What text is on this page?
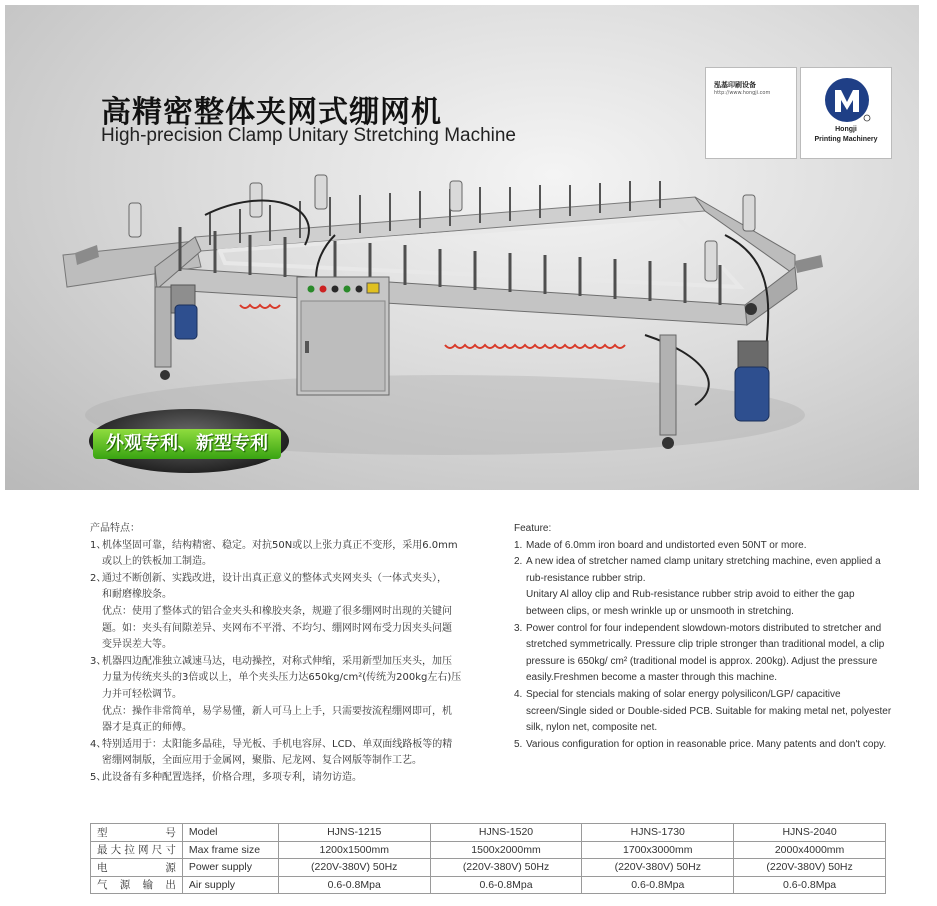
高精密整体夹网式绷网机
High-precision Clamp Unitary Stretching Machine
泓基印刷设备
http://www.hongji.com
Hongji
Printing Machinery
外观专利、新型专利

产品特点：

1、机体坚固可靠，结构精密、稳定。对抗50N或以上张力真正不变形，采用6.0mm

或以上的铁板加工制造。

2、通过不断创新、实践改进，设计出真正意义的整体式夹网夹头（一体式夹头），

和耐磨橡胶条。

优点：使用了整体式的铝合金夹头和橡胶夹条，规避了很多绷网时出现的关键问

题。如：夹头有间隙差异、夹网布不平滑、不均匀、绷网时网布受力因夹头问题

变异误差大等。

3、机器四边配准独立减速马达，电动操控，对称式伸缩，采用新型加压夹头，加压

力量为传统夹头的3倍或以上，单个夹头压力达650kg/cm²(传统为200kg左右)压

力并可轻松调节。

优点：操作非常简单，易学易懂，新人可马上上手，只需要按流程绷网即可，机

器才是真正的师傅。

4、特别适用于：太阳能多晶硅，导光板、手机电容屏、LCD、单双面线路板等的精

密绷网制版，全面应用于金属网，聚脂、尼龙网、复合网版等制作工艺。

5、此设备有多种配置选择，价格合理，多项专利，请勿访造。

Feature:

1. Made of 6.0mm iron board and undistorted even 50NT or more.

2. A new idea of stretcher named clamp unitary stretching machine, even applied a

rub-resistance rubber strip.

Unitary Al alloy clip and Rub-resistance rubber strip avoid to either the gap

between clips, or mesh wrinkle up or unsmooth in stretching.

3. Power control for four independent slowdown-motors distributed to stretcher and

stretched symmetrically. Pressure clip triple stronger than traditional model, a clip

pressure is 650kg/ cm² (traditional model is approx. 200kg). Adjust the pressure

easily.Freshmen become a master through this machine.

4. Special for stencials making of solar energy polysilicon/LGP/ capacitive

screen/Single sided or Double-sided PCB. Suitable for making metal net, polyester

silk, nylon net, composite net.

5. Various configuration for option in reasonable price. Many patents and don't copy.

型号	Model	HJNS-1215	HJNS-1520	HJNS-1730	HJNS-2040
最大拉网尺寸	Max frame size	1200x1500mm	1500x2000mm	1700x3000mm	2000x4000mm
电源	Power supply	(220V-380V) 50Hz	(220V-380V) 50Hz	(220V-380V) 50Hz	(220V-380V) 50Hz
气源输出	Air supply	0.6-0.8Mpa	0.6-0.8Mpa	0.6-0.8Mpa	0.6-0.8Mpa
